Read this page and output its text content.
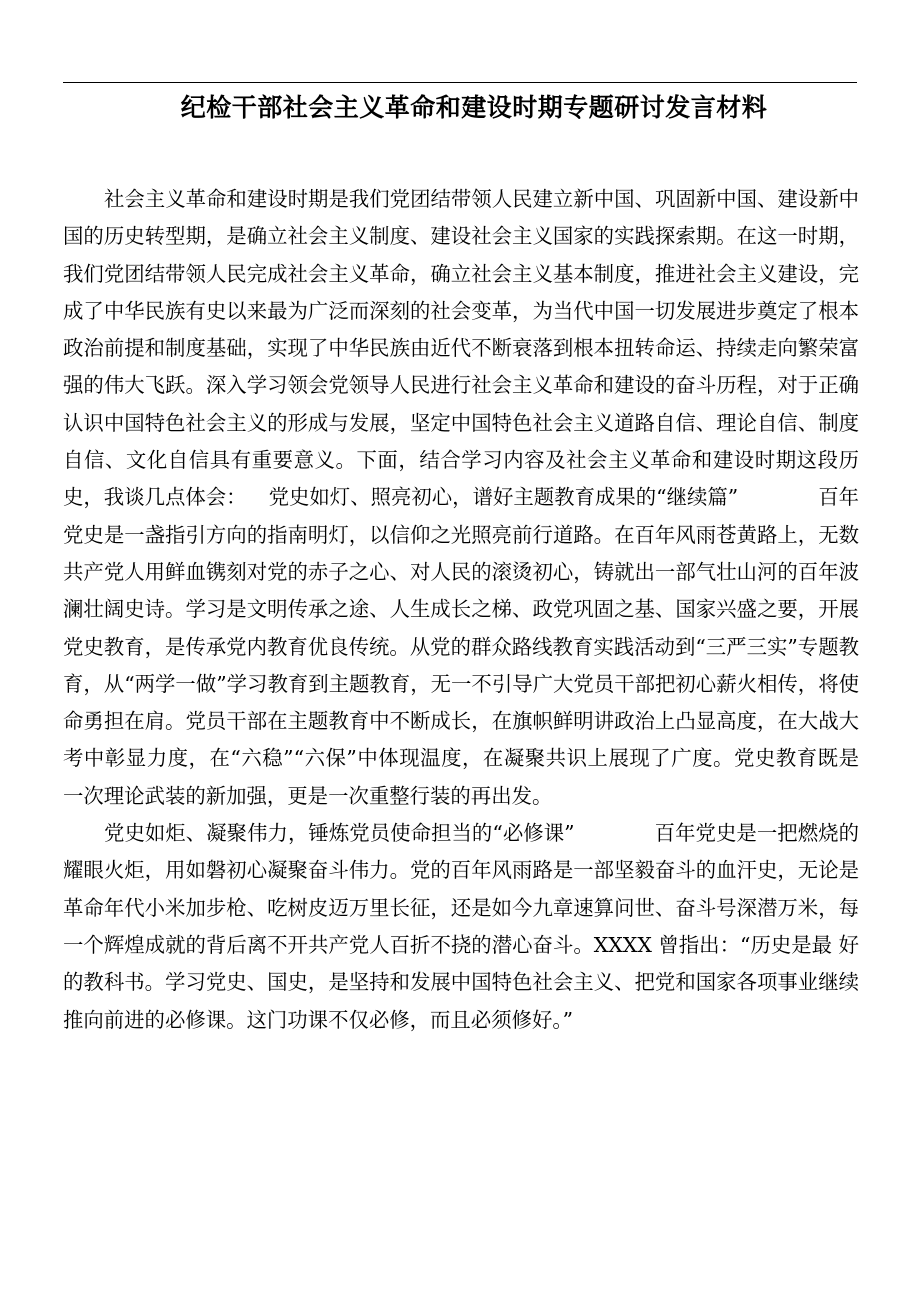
纪检干部社会主义革命和建设时期专题研讨发言材料

社会主义革命和建设时期是我们党团结带领人民建立新中国、巩固新中国、建设新中国的历史转型期，是确立社会主义制度、建设社会主义国家的实践探索期。在这一时期，我们党团结带领人民完成社会主义革命，确立社会主义基本制度，推进社会主义建设，完成了中华民族有史以来最为广泛而深刻的社会变革，为当代中国一切发展进步奠定了根本政治前提和制度基础，实现了中华民族由近代不断衰落到根本扭转命运、持续走向繁荣富强的伟大飞跃。深入学习领会党领导人民进行社会主义革命和建设的奋斗历程，对于正确认识中国特色社会主义的形成与发展，坚定中国特色社会主义道路自信、理论自信、制度自信、文化自信具有重要意义。下面，结合学习内容及社会主义革命和建设时期这段历史，我谈几点体会： 党史如灯、照亮初心，谱好主题教育成果的“继续篇”	百年党史是一盏指引方向的指南明灯，以信仰之光照亮前行道路。在百年风雨苍黄路上，无数共产党人用鲜血镌刻对党的赤子之心、对人民的滚烫初心，铸就出一部气壮山河的百年波澜壮阔史诗。学习是文明传承之途、人生成长之梯、政党巩固之基、国家兴盛之要，开展党史教育，是传承党内教育优良传统。从党的群众路线教育实践活动到“三严三实”专题教育，从“两学一做”学习教育到主题教育，无一不引导广大党员干部把初心薪火相传，将使命勇担在肩。党员干部在主题教育中不断成长，在旗帜鲜明讲政治上凸显高度，在大战大考中彰显力度，在“六稳”“六保”中体现温度，在凝聚共识上展现了广度。党史教育既是一次理论武装的新加强，更是一次重整行装的再出发。

党史如炬、凝聚伟力，锤炼党员使命担当的“必修课”	百年党史是一把燃烧的耀眼火炬，用如磐初心凝聚奋斗伟力。党的百年风雨路是一部坚毅奋斗的血汗史，无论是革命年代小米加步枪、吃树皮迈万里长征，还是如今九章速算问世、奋斗号深潜万米，每一个辉煌成就的背后离不开共产党人百折不挠的潜心奋斗。XXXX 曾指出：“历史是最 好的教科书。学习党史、国史，是坚持和发展中国特色社会主义、把党和国家各项事业继续推向前进的必修课。这门功课不仅必修，而且必须修好。”
